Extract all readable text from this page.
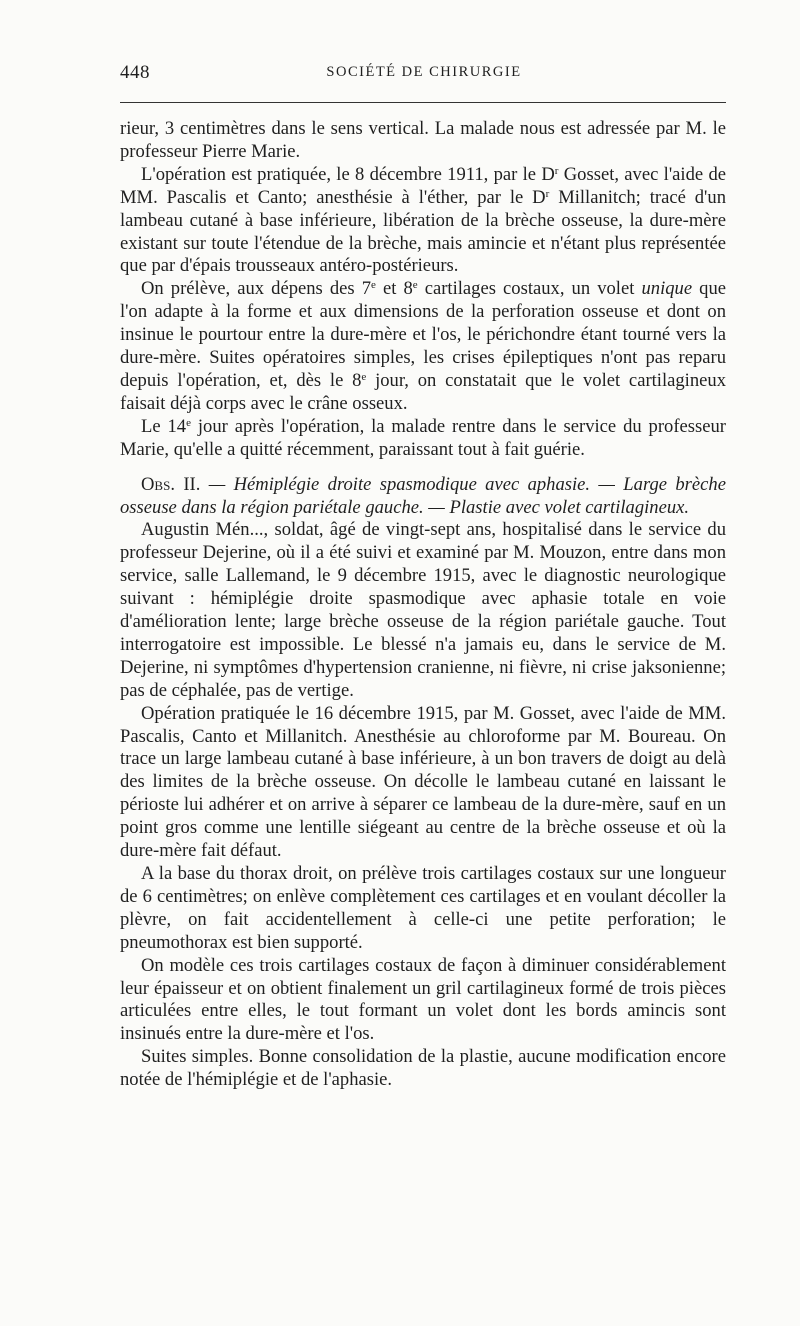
448	SOCIÉTÉ DE CHIRURGIE

rieur, 3 centimètres dans le sens vertical. La malade nous est adressée par M. le professeur Pierre Marie.

L'opération est pratiquée, le 8 décembre 1911, par le $D^r$ Gosset, avec l'aide de MM. Pascalis et Canto; anesthésie à l'éther, par le $D^r$ Millanitch; tracé d'un lambeau cutané à base inférieure, libération de la brèche osseuse, la dure-mère existant sur toute l'étendue de la brèche, mais amincie et n'étant plus représentée que par d'épais trousseaux antéro-postérieurs.

On prélève, aux dépens des 7e et 8e cartilages costaux, un volet unique que l'on adapte à la forme et aux dimensions de la perforation osseuse et dont on insinue le pourtour entre la dure-mère et l'os, le périchondre étant tourné vers la dure-mère. Suites opératoires simples, les crises épileptiques n'ont pas reparu depuis l'opération, et, dès le 8e jour, on constatait que le volet cartilagineux faisait déjà corps avec le crâne osseux.

Le 14e jour après l'opération, la malade rentre dans le service du professeur Marie, qu'elle a quitté récemment, paraissant tout à fait guérie.

Obs. II. — Hémiplégie droite spasmodique avec aphasie. — Large brèche osseuse dans la région pariétale gauche. — Plastie avec volet cartilagineux.

Augustin Mén..., soldat, âgé de vingt-sept ans, hospitalisé dans le service du professeur Dejerine, où il a été suivi et examiné par M. Mouzon, entre dans mon service, salle Lallemand, le 9 décembre 1915, avec le diagnostic neurologique suivant : hémiplégie droite spasmodique avec aphasie totale en voie d'amélioration lente; large brèche osseuse de la région pariétale gauche. Tout interrogatoire est impossible. Le blessé n'a jamais eu, dans le service de M. Dejerine, ni symptômes d'hypertension cranienne, ni fièvre, ni crise jaksonienne; pas de céphalée, pas de vertige.

Opération pratiquée le 16 décembre 1915, par M. Gosset, avec l'aide de MM. Pascalis, Canto et Millanitch. Anesthésie au chloroforme par M. Boureau. On trace un large lambeau cutané à base inférieure, à un bon travers de doigt au delà des limites de la brèche osseuse. On décolle le lambeau cutané en laissant le périoste lui adhérer et on arrive à séparer ce lambeau de la dure-mère, sauf en un point gros comme une lentille siégeant au centre de la brèche osseuse et où la dure-mère fait défaut.

A la base du thorax droit, on prélève trois cartilages costaux sur une longueur de 6 centimètres; on enlève complètement ces cartilages et en voulant décoller la plèvre, on fait accidentellement à celle-ci une petite perforation; le pneumothorax est bien supporté.

On modèle ces trois cartilages costaux de façon à diminuer considérablement leur épaisseur et on obtient finalement un gril cartilagineux formé de trois pièces articulées entre elles, le tout formant un volet dont les bords amincis sont insinués entre la dure-mère et l'os.

Suites simples. Bonne consolidation de la plastie, aucune modification encore notée de l'hémiplégie et de l'aphasie.
